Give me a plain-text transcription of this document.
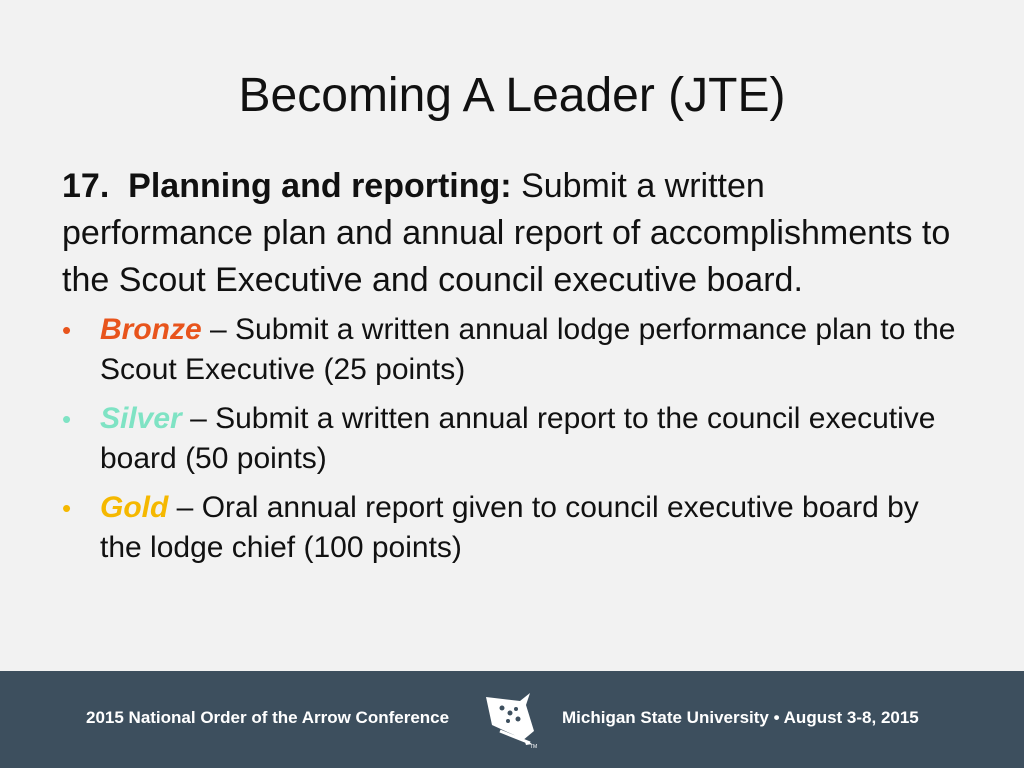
Becoming A Leader (JTE)

17. Planning and reporting: Submit a written performance plan and annual report of accomplishments to the Scout Executive and council executive board.

• Bronze – Submit a written annual lodge performance plan to the Scout Executive (25 points)
• Silver – Submit a written annual report to the council executive board (50 points)
• Gold – Oral annual report given to council executive board by the lodge chief (100 points)
2015 National Order of the Arrow Conference
TM
Michigan State University • August 3-8, 2015
